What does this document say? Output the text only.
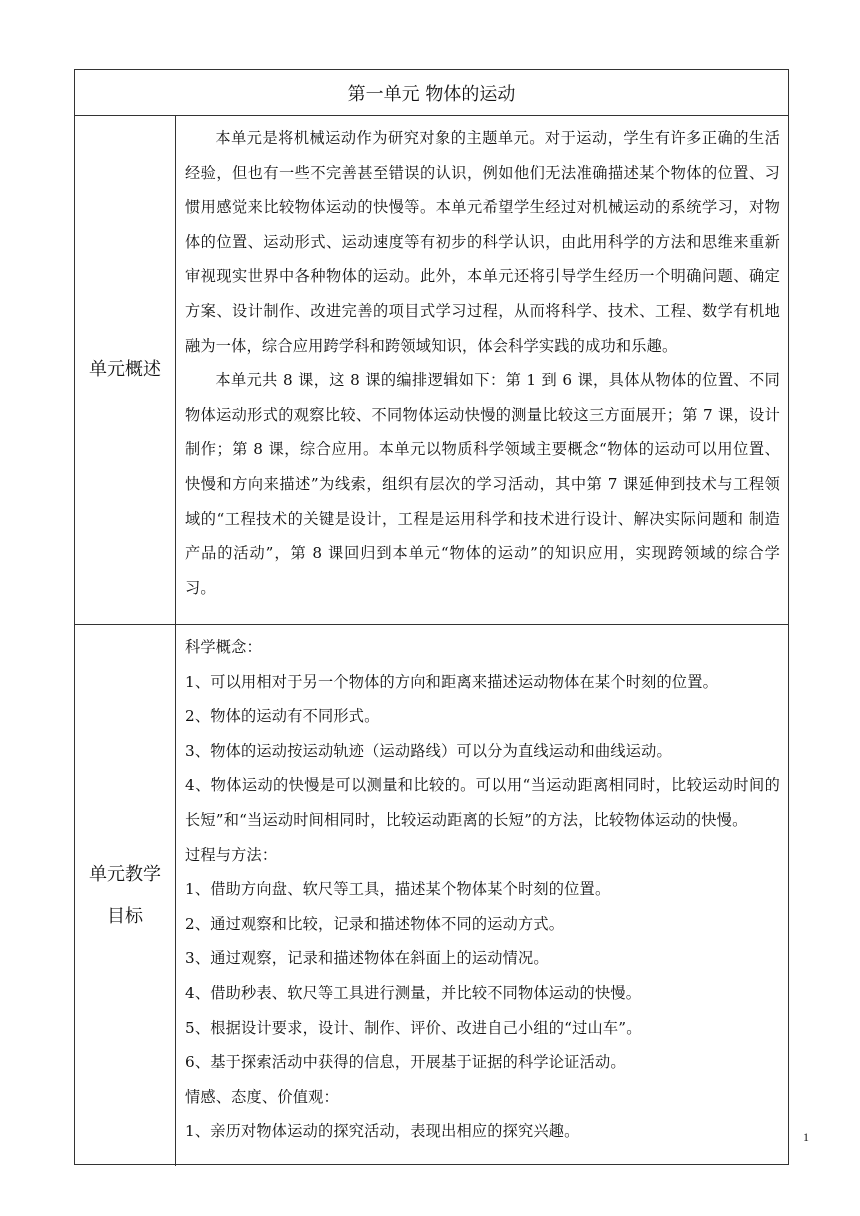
第一单元 物体的运动
单元概述

本单元是将机械运动作为研究对象的主题单元。对于运动，学生有许多正确的生活经验，但也有一些不完善甚至错误的认识，例如他们无法准确描述某个物体的位置、习惯用感觉来比较物体运动的快慢等。本单元希望学生经过对机械运动的系统学习，对物体的位置、运动形式、运动速度等有初步的科学认识，由此用科学的方法和思维来重新审视现实世界中各种物体的运动。此外，本单元还将引导学生经历一个明确问题、确定方案、设计制作、改进完善的项目式学习过程，从而将科学、技术、工程、数学有机地融为一体，综合应用跨学科和跨领域知识，体会科学实践的成功和乐趣。

本单元共 8 课，这 8 课的编排逻辑如下：第 1 到 6 课，具体从物体的位置、不同物体运动形式的观察比较、不同物体运动快慢的测量比较这三方面展开；第 7 课，设计制作；第 8 课，综合应用。本单元以物质科学领域主要概念“物体的运动可以用位置、快慢和方向来描述”为线索，组织有层次的学习活动，其中第 7 课延伸到技术与工程领域的“工程技术的关键是设计，工程是运用科学和技术进行设计、解决实际问题和 制造产品的活动”，第 8 课回归到本单元“物体的运动”的知识应用，实现跨领域的综合学习。

单元教学
目标

科学概念：

1、可以用相对于另一个物体的方向和距离来描述运动物体在某个时刻的位置。

2、物体的运动有不同形式。

3、物体的运动按运动轨迹（运动路线）可以分为直线运动和曲线运动。

4、物体运动的快慢是可以测量和比较的。可以用“当运动距离相同时，比较运动时间的长短”和“当运动时间相同时，比较运动距离的长短”的方法，比较物体运动的快慢。

过程与方法：

1、借助方向盘、软尺等工具，描述某个物体某个时刻的位置。

2、通过观察和比较，记录和描述物体不同的运动方式。

3、通过观察，记录和描述物体在斜面上的运动情况。

4、借助秒表、软尺等工具进行测量，并比较不同物体运动的快慢。

5、根据设计要求，设计、制作、评价、改进自己小组的“过山车”。

6、基于探索活动中获得的信息，开展基于证据的科学论证活动。

情感、态度、价值观：

1、亲历对物体运动的探究活动，表现出相应的探究兴趣。	1
